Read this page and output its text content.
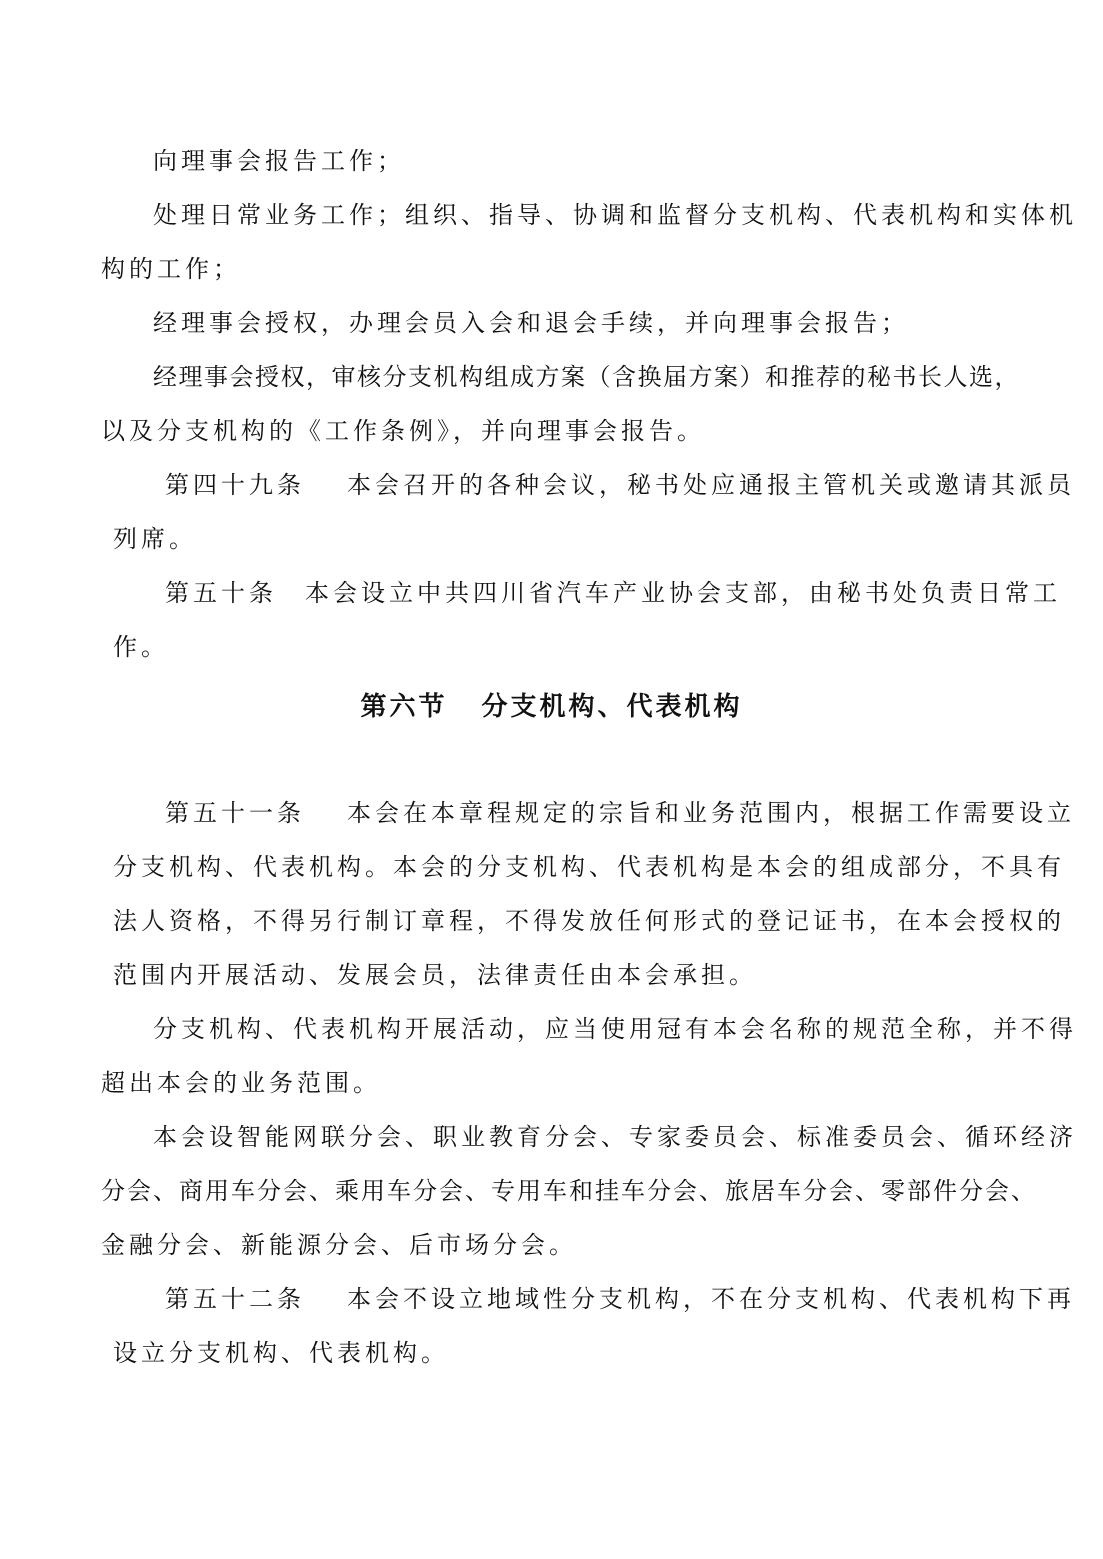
向理事会报告工作；
处理日常业务工作；组织、指导、协调和监督分支机构、代表机构和实体机
构的工作；
经理事会授权，办理会员入会和退会手续，并向理事会报告；
经理事会授权，审核分支机构组成方案（含换届方案）和推荐的秘书长人选，
以及分支机构的《工作条例》，并向理事会报告。
第四十九条 本会召开的各种会议，秘书处应通报主管机关或邀请其派员
列席。
第五十条 本会设立中共四川省汽车产业协会支部，由秘书处负责日常工
作。
第六节 分支机构、代表机构
第五十一条 本会在本章程规定的宗旨和业务范围内，根据工作需要设立
分支机构、代表机构。本会的分支机构、代表机构是本会的组成部分，不具有
法人资格，不得另行制订章程，不得发放任何形式的登记证书，在本会授权的
范围内开展活动、发展会员，法律责任由本会承担。
分支机构、代表机构开展活动，应当使用冠有本会名称的规范全称，并不得
超出本会的业务范围。
本会设智能网联分会、职业教育分会、专家委员会、标准委员会、循环经济
分会、商用车分会、乘用车分会、专用车和挂车分会、旅居车分会、零部件分会、
金融分会、新能源分会、后市场分会。
第五十二条 本会不设立地域性分支机构，不在分支机构、代表机构下再
设立分支机构、代表机构。
